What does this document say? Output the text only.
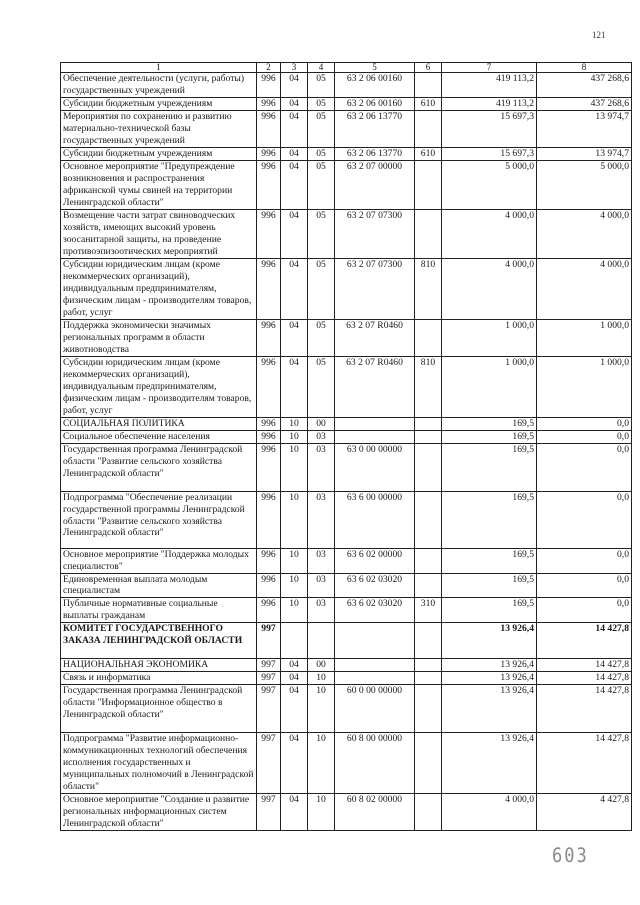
121
1	2	3	4	5	6	7	8
Обеспечение деятельности (услуги, работы) государственных учреждений	996	04	05	63 2 06 00160		419 113,2	437 268,6
Субсидии бюджетным учреждениям	996	04	05	63 2 06 00160	610	419 113,2	437 268,6
Мероприятия по сохранению и развитию материально-технической базы государственных учреждений	996	04	05	63 2 06 13770		15 697,3	13 974,7
Субсидии бюджетным учреждениям	996	04	05	63 2 06 13770	610	15 697,3	13 974,7
Основное мероприятие "Предупреждение возникновения и распространения африканской чумы свиней на территории Ленинградской области"	996	04	05	63 2 07 00000		5 000,0	5 000,0
Возмещение части затрат свиноводческих хозяйств, имеющих высокий уровень зоосанитарной защиты, на проведение противоэпизоотических мероприятий	996	04	05	63 2 07 07300		4 000,0	4 000,0
Субсидии юридическим лицам (кроме некоммерческих организаций), индивидуальным предпринимателям, физическим лицам - производителям товаров, работ, услуг	996	04	05	63 2 07 07300	810	4 000,0	4 000,0
Поддержка экономически значимых региональных программ в области животноводства	996	04	05	63 2 07 R0460		1 000,0	1 000,0
Субсидии юридическим лицам (кроме некоммерческих организаций), индивидуальным предпринимателям, физическим лицам - производителям товаров, работ, услуг	996	04	05	63 2 07 R0460	810	1 000,0	1 000,0
СОЦИАЛЬНАЯ ПОЛИТИКА	996	10	00			169,5	0,0
Социальное обеспечение населения	996	10	03			169,5	0,0
Государственная программа Ленинградской области "Развитие сельского хозяйства Ленинградской области"	996	10	03	63 0 00 00000		169,5	0,0
Подпрограмма "Обеспечение реализации государственной программы Ленинградской области "Развитие сельского хозяйства Ленинградской области"	996	10	03	63 6 00 00000		169,5	0,0
Основное мероприятие "Поддержка молодых специалистов"	996	10	03	63 6 02 00000		169,5	0,0
Единовременная выплата молодым специалистам	996	10	03	63 6 02 03020		169,5	0,0
Публичные нормативные социальные выплаты гражданам	996	10	03	63 6 02 03020	310	169,5	0,0
КОМИТЕТ ГОСУДАРСТВЕННОГО ЗАКАЗА ЛЕНИНГРАДСКОЙ ОБЛАСТИ	997					13 926,4	14 427,8
НАЦИОНАЛЬНАЯ ЭКОНОМИКА	997	04	00			13 926,4	14 427,8
Связь и информатика	997	04	10			13 926,4	14 427,8
Государственная программа Ленинградской области "Информационное общество в Ленинградской области"	997	04	10	60 0 00 00000		13 926,4	14 427,8
Подпрограмма "Развитие информационно-коммуникационных технологий обеспечения исполнения государственных и муниципальных полномочий в Ленинградской области"	997	04	10	60 8 00 00000		13 926,4	14 427,8
Основное мероприятие "Создание и развитие региональных информационных систем Ленинградской области"	997	04	10	60 8 02 00000		4 000,0	4 427,8
603
